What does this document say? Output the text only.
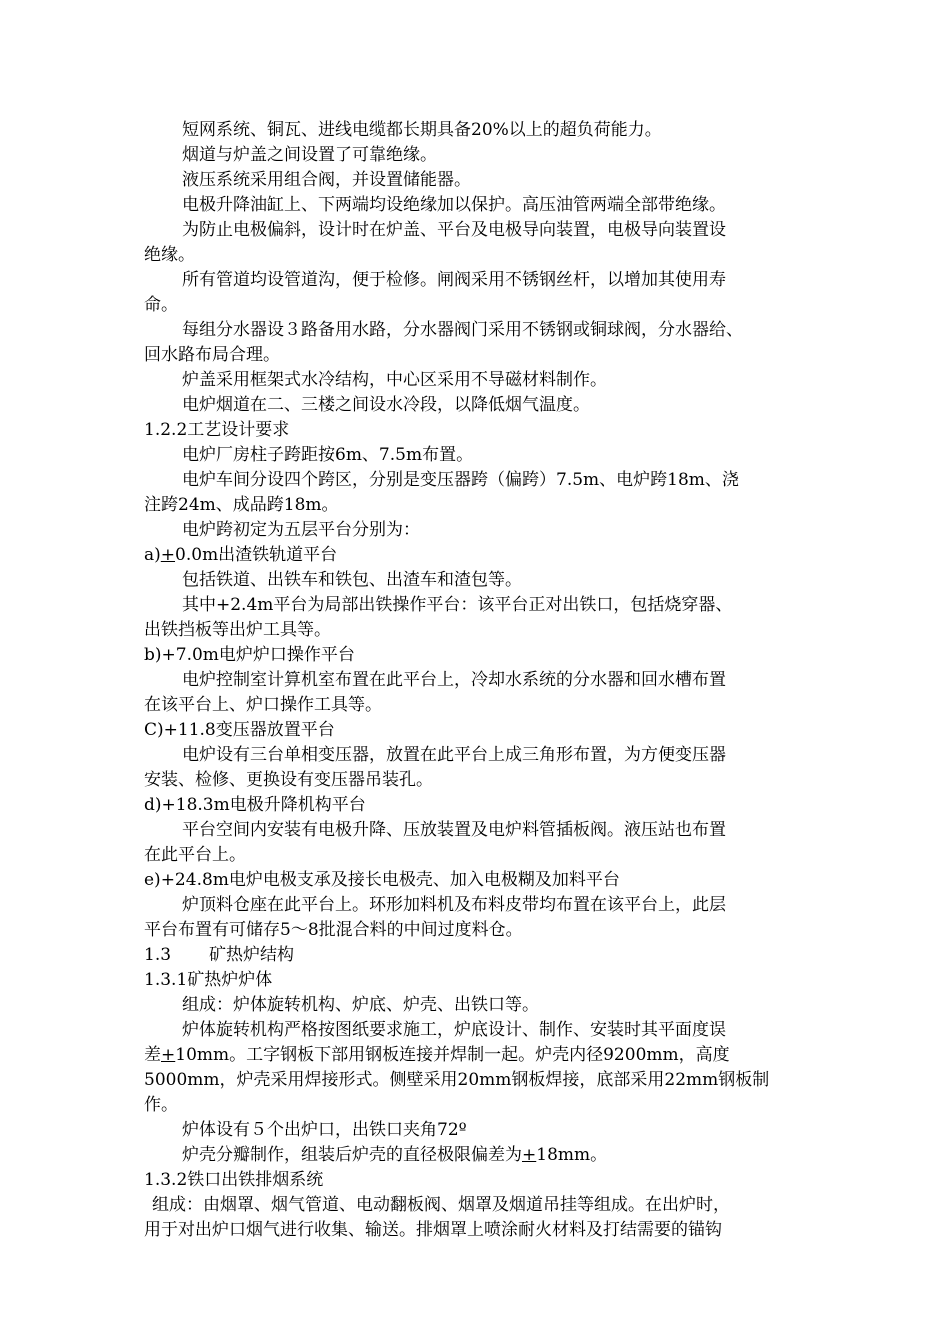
短网系统、铜瓦、进线电缆都长期具备20%以上的超负荷能力。
烟道与炉盖之间设置了可靠绝缘。
液压系统采用组合阀，并设置储能器。
电极升降油缸上、下两端均设绝缘加以保护。高压油管两端全部带绝缘。
为防止电极偏斜，设计时在炉盖、平台及电极导向装置，电极导向装置设
绝缘。
所有管道均设管道沟，便于检修。闸阀采用不锈钢丝杆，以增加其使用寿
命。
每组分水器设３路备用水路，分水器阀门采用不锈钢或铜球阀，分水器给、
回水路布局合理。
炉盖采用框架式水冷结构，中心区采用不导磁材料制作。
电炉烟道在二、三楼之间设水冷段，以降低烟气温度。
1.2.2工艺设计要求
电炉厂房柱子跨距按6m、7.5m布置。
电炉车间分设四个跨区，分别是变压器跨（偏跨）7.5m、电炉跨18m、浇
注跨24m、成品跨18m。
电炉跨初定为五层平台分别为：
a)+0.0m出渣铁轨道平台
包括铁道、出铁车和铁包、出渣车和渣包等。
其中+2.4m平台为局部出铁操作平台：该平台正对出铁口，包括烧穿器、
出铁挡板等出炉工具等。
b)+7.0m电炉炉口操作平台
电炉控制室计算机室布置在此平台上，冷却水系统的分水器和回水槽布置
在该平台上、炉口操作工具等。
C)+11.8变压器放置平台
电炉设有三台单相变压器，放置在此平台上成三角形布置，为方便变压器
安装、检修、更换设有变压器吊装孔。
d)+18.3m电极升降机构平台
平台空间内安装有电极升降、压放装置及电炉料管插板阀。液压站也布置
在此平台上。
e)+24.8m电炉电极支承及接长电极壳、加入电极糊及加料平台
炉顶料仓座在此平台上。环形加料机及布料皮带均布置在该平台上，此层
平台布置有可储存5～8批混合料的中间过度料仓。
1.3 矿热炉结构
1.3.1矿热炉炉体
组成：炉体旋转机构、炉底、炉壳、出铁口等。
炉体旋转机构严格按图纸要求施工，炉底设计、制作、安装时其平面度误
差+10mm。工字钢板下部用钢板连接并焊制一起。炉壳内径9200mm，高度
5000mm，炉壳采用焊接形式。侧壁采用20mm钢板焊接，底部采用22mm钢板制
作。
炉体设有５个出炉口，出铁口夹角72º
炉壳分瓣制作，组装后炉壳的直径极限偏差为+18mm。
1.3.2铁口出铁排烟系统
组成：由烟罩、烟气管道、电动翻板阀、烟罩及烟道吊挂等组成。在出炉时，
用于对出炉口烟气进行收集、输送。排烟罩上喷涂耐火材料及打结需要的锚钩
